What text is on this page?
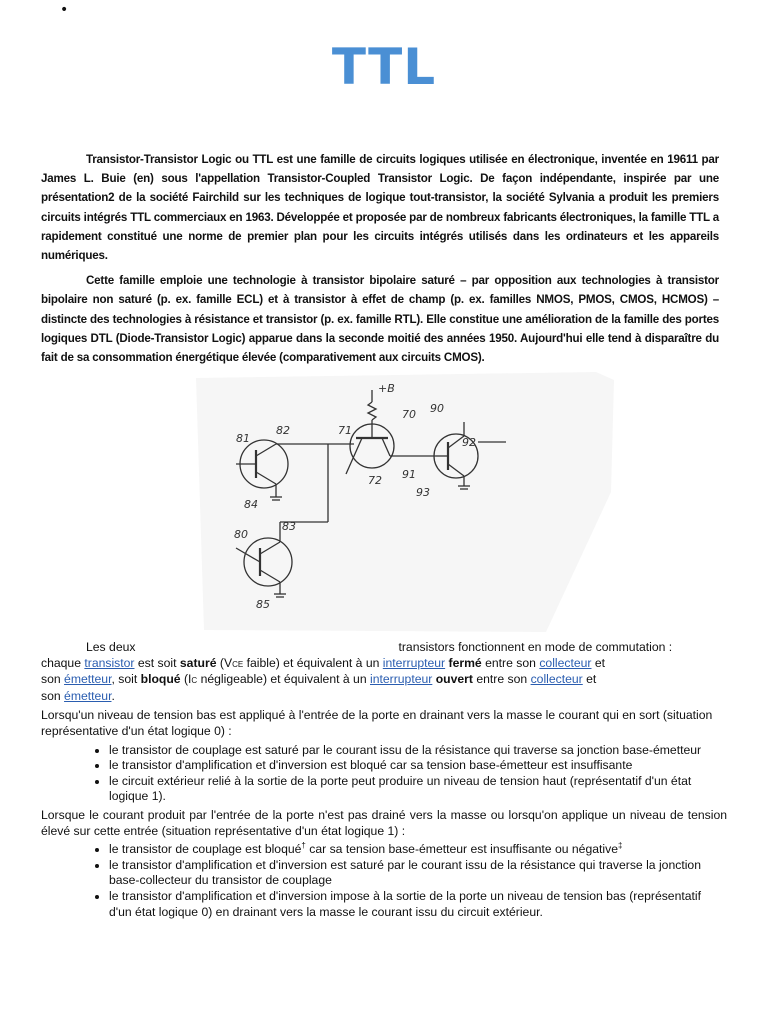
•
TTL

Transistor-Transistor Logic ou TTL est une famille de circuits logiques utilisée en électronique, inventée en 19611 par James L. Buie (en) sous l'appellation Transistor-Coupled Transistor Logic. De façon indépendante, inspirée par une présentation2 de la société Fairchild sur les techniques de logique tout-transistor, la société Sylvania a produit les premiers circuits intégrés TTL commerciaux en 1963. Développée et proposée par de nombreux fabricants électroniques, la famille TTL a rapidement constitué une norme de premier plan pour les circuits intégrés utilisés dans les ordinateurs et les appareils numériques.

Cette famille emploie une technologie à transistor bipolaire saturé – par opposition aux technologies à transistor bipolaire non saturé (p. ex. famille ECL) et à transistor à effet de champ (p. ex. familles NMOS, PMOS, CMOS, HCMOS) – distincte des technologies à résistance et transistor (p. ex. famille RTL). Elle constitue une amélioration de la famille des portes logiques DTL (Diode-Transistor Logic) apparue dans la seconde moitié des années 1950. Aujourd'hui elle tend à disparaître du fait de sa consommation énergétique élevée (comparativement aux circuits CMOS).

+B
81
82
84
71
70
72
90
92
91
93
80
83
85

Les deux	transistors fonctionnent en mode de commutation :

chaque transistor est soit saturé (VCE faible) et équivalent à un interrupteur fermé entre son collecteur et
son émetteur, soit bloqué (IC négligeable) et équivalent à un interrupteur ouvert entre son collecteur et
son émetteur.

Lorsqu'un niveau de tension bas est appliqué à l'entrée de la porte en drainant vers la masse le courant qui en sort (situation représentative d'un état logique 0) :

• le transistor de couplage est saturé par le courant issu de la résistance qui traverse sa jonction base-émetteur
• le transistor d'amplification et d'inversion est bloqué car sa tension base-émetteur est insuffisante
• le circuit extérieur relié à la sortie de la porte peut produire un niveau de tension haut (représentatif d'un état logique 1).

Lorsque le courant produit par l'entrée de la porte n'est pas drainé vers la masse ou lorsqu'on applique un niveau de tension élevé sur cette entrée (situation représentative d'un état logique 1) :

• le transistor de couplage est bloqué† car sa tension base-émetteur est insuffisante ou négative‡
• le transistor d'amplification et d'inversion est saturé par le courant issu de la résistance qui traverse la jonction base-collecteur du transistor de couplage
• le transistor d'amplification et d'inversion impose à la sortie de la porte un niveau de tension bas (représentatif d'un état logique 0) en drainant vers la masse le courant issu du circuit extérieur.
